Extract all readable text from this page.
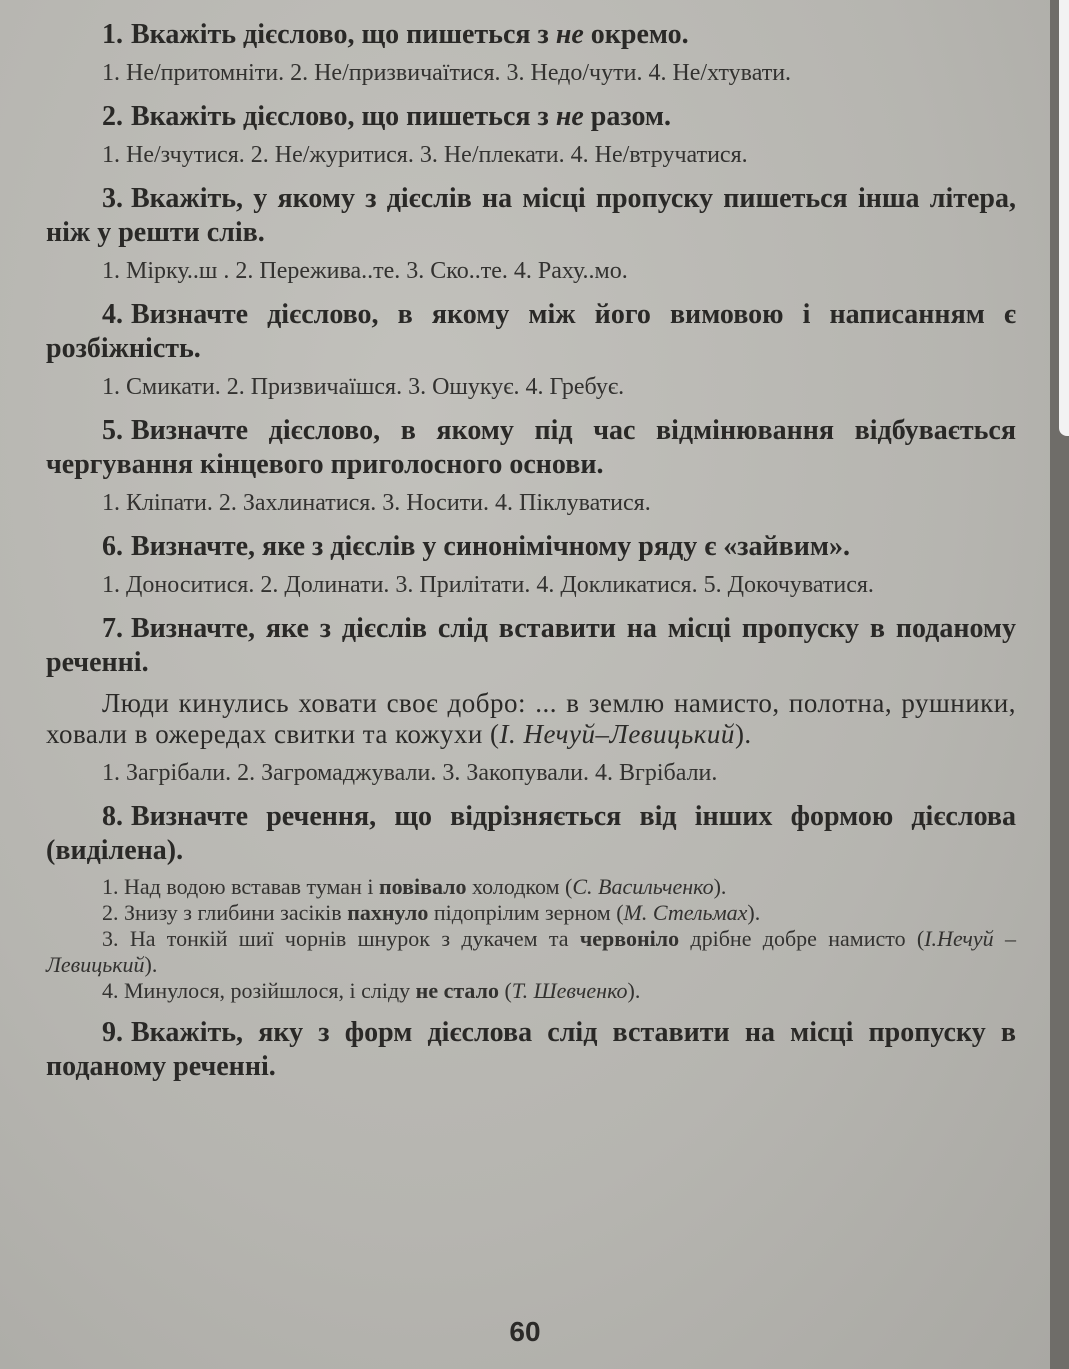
1. Вкажіть дієслово, що пишеться з не окремо.

1. Не/притомніти. 2. Не/призвичаїтися. 3. Недо/чути. 4. Не/хтувати.

2. Вкажіть дієслово, що пишеться з не разом.

1. Не/зчутися. 2. Не/журитися. 3. Не/плекати. 4. Не/втручатися.

3. Вкажіть, у якому з дієслів на місці пропуску пишеться інша літера, ніж у решти слів.

1. Мірку..ш . 2. Пережива..те. 3. Ско..те. 4. Раху..мо.

4. Визначте дієслово, в якому між його вимовою і написанням є розбіжність.

1. Смикати. 2. Призвичаїшся. 3. Ошукує. 4. Гребує.

5. Визначте дієслово, в якому під час відмінювання відбувається чергування кінцевого приголосного основи.

1. Кліпати. 2. Захлинатися. 3. Носити. 4. Піклуватися.

6. Визначте, яке з дієслів у синонімічному ряду є «зайвим».

1. Доноситися. 2. Долинати. 3. Прилітати. 4. Докликатися. 5. Докочуватися.

7. Визначте, яке з дієслів слід вставити на місці пропуску в поданому реченні.

Люди кинулись ховати своє добро: ... в землю намисто, полотна, рушники, ховали в ожередах свитки та кожухи (І. Нечуй–Левицький).

1. Загрібали. 2. Загромаджували. 3. Закопували. 4. Вгрібали.

8. Визначте речення, що відрізняється від інших формою дієслова (виділена).

1. Над водою вставав туман і повівало холодком (С. Васильченко).
2. Знизу з глибини засіків пахнуло підопрілим зерном (М. Стельмах).
3. На тонкій шиї чорнів шнурок з дукачем та червоніло дрібне добре намисто (І.Нечуй –Левицький).
4. Минулося, розійшлося, і сліду не стало (Т. Шевченко).

9. Вкажіть, яку з форм дієслова слід вставити на місці пропуску в поданому реченні.

60
